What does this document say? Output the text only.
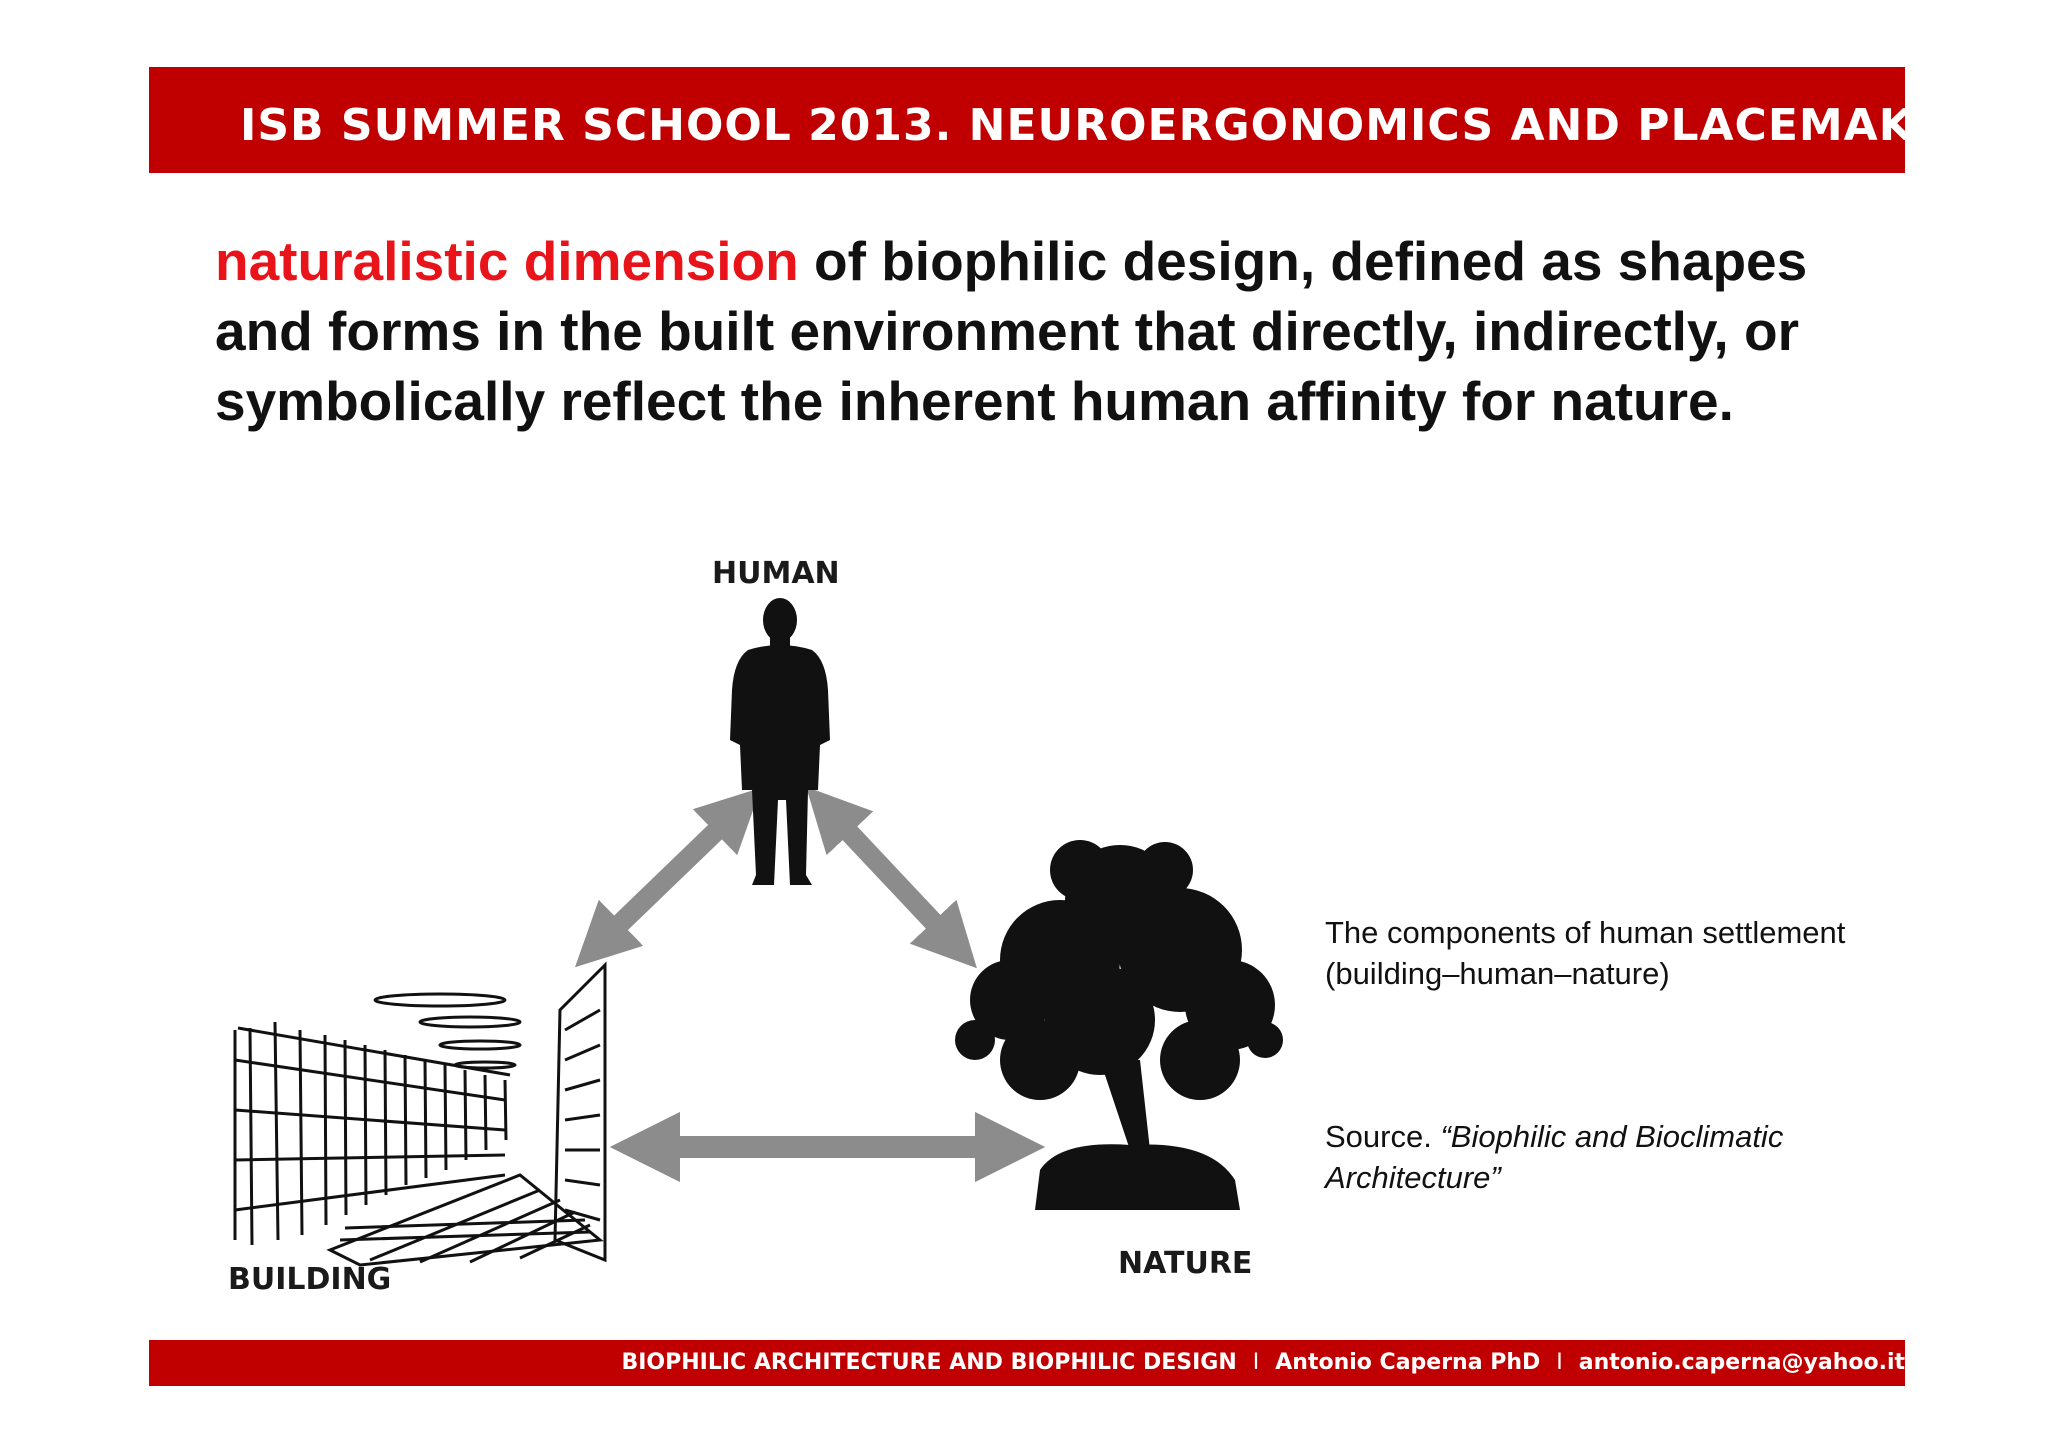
ISB SUMMER SCHOOL 2013. NEUROERGONOMICS AND PLACEMAKING

naturalistic dimension of biophilic design, defined as shapes and forms in the built environment that directly, indirectly, or symbolically reflect the inherent human affinity for nature.

HUMAN
BUILDING	NATURE
The components of human settlement (building–human–nature)
Source. “Biophilic and Bioclimatic Architecture”
BIOPHILIC ARCHITECTURE AND BIOPHILIC DESIGN I Antonio Caperna PhD I antonio.caperna@yahoo.it
